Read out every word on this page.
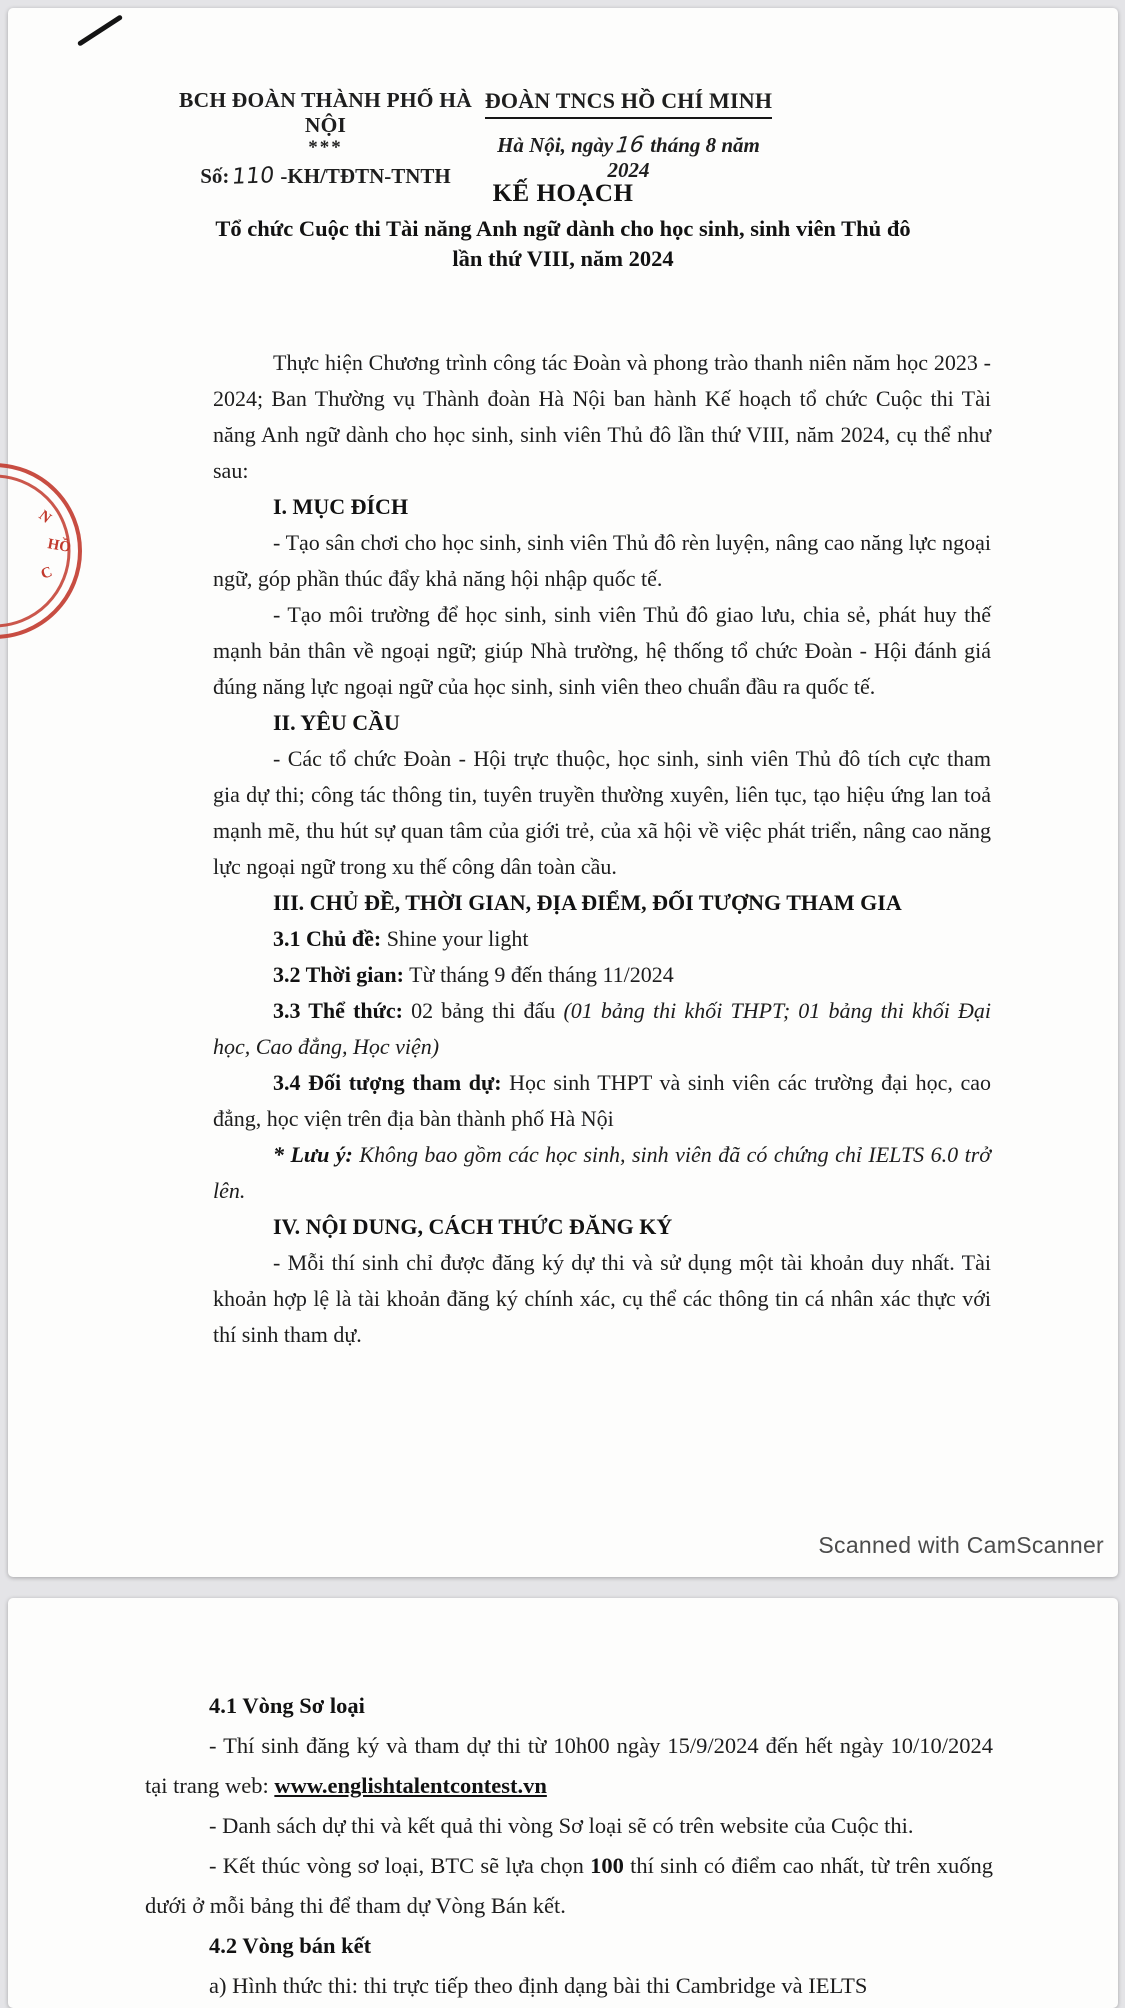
N
HỒ
C
BCH ĐOÀN THÀNH PHỐ HÀ NỘI
***
Số:110 -KH/TĐTN-TNTH
ĐOÀN TNCS HỒ CHÍ MINH
Hà Nội, ngày16 tháng 8 năm 2024
KẾ HOẠCH
Tổ chức Cuộc thi Tài năng Anh ngữ dành cho học sinh, sinh viên Thủ đô
lần thứ VIII, năm 2024

Thực hiện Chương trình công tác Đoàn và phong trào thanh niên năm học 2023 - 2024; Ban Thường vụ Thành đoàn Hà Nội ban hành Kế hoạch tổ chức Cuộc thi Tài năng Anh ngữ dành cho học sinh, sinh viên Thủ đô lần thứ VIII, năm 2024, cụ thể như sau:

I. MỤC ĐÍCH

- Tạo sân chơi cho học sinh, sinh viên Thủ đô rèn luyện, nâng cao năng lực ngoại ngữ, góp phần thúc đẩy khả năng hội nhập quốc tế.

- Tạo môi trường để học sinh, sinh viên Thủ đô giao lưu, chia sẻ, phát huy thế mạnh bản thân về ngoại ngữ; giúp Nhà trường, hệ thống tổ chức Đoàn - Hội đánh giá đúng năng lực ngoại ngữ của học sinh, sinh viên theo chuẩn đầu ra quốc tế.

II. YÊU CẦU

- Các tổ chức Đoàn - Hội trực thuộc, học sinh, sinh viên Thủ đô tích cực tham gia dự thi; công tác thông tin, tuyên truyền thường xuyên, liên tục, tạo hiệu ứng lan toả mạnh mẽ, thu hút sự quan tâm của giới trẻ, của xã hội về việc phát triển, nâng cao năng lực ngoại ngữ trong xu thế công dân toàn cầu.

III. CHỦ ĐỀ, THỜI GIAN, ĐỊA ĐIỂM, ĐỐI TƯỢNG THAM GIA

3.1 Chủ đề: Shine your light

3.2 Thời gian: Từ tháng 9 đến tháng 11/2024

3.3 Thể thức: 02 bảng thi đấu (01 bảng thi khối THPT; 01 bảng thi khối Đại học, Cao đẳng, Học viện)

3.4 Đối tượng tham dự: Học sinh THPT và sinh viên các trường đại học, cao đẳng, học viện trên địa bàn thành phố Hà Nội

* Lưu ý: Không bao gồm các học sinh, sinh viên đã có chứng chỉ IELTS 6.0 trở lên.

IV. NỘI DUNG, CÁCH THỨC ĐĂNG KÝ

- Mỗi thí sinh chỉ được đăng ký dự thi và sử dụng một tài khoản duy nhất. Tài khoản hợp lệ là tài khoản đăng ký chính xác, cụ thể các thông tin cá nhân xác thực với thí sinh tham dự.

Scanned with CamScanner
4.1 Vòng Sơ loại

- Thí sinh đăng ký và tham dự thi từ 10h00 ngày 15/9/2024 đến hết ngày 10/10/2024 tại trang web: www.englishtalentcontest.vn

- Danh sách dự thi và kết quả thi vòng Sơ loại sẽ có trên website của Cuộc thi.

- Kết thúc vòng sơ loại, BTC sẽ lựa chọn 100 thí sinh có điểm cao nhất, từ trên xuống dưới ở mỗi bảng thi để tham dự Vòng Bán kết.

4.2 Vòng bán kết

a) Hình thức thi: thi trực tiếp theo định dạng bài thi Cambridge và IELTS
